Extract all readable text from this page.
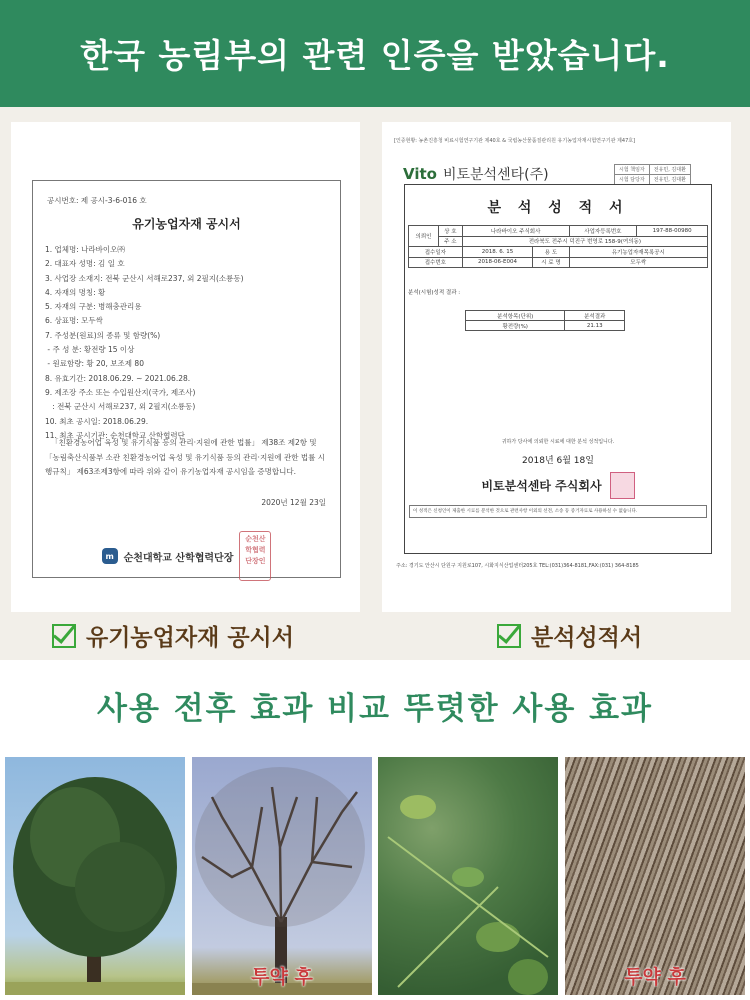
한국 농림부의 관련 인증을 받았습니다.
공시번호: 제 공시-3-6-016 호
유기농업자재 공시서
1. 업체명: 나라바이오㈜
2. 대표자 성명: 김 일 호
3. 사업장 소재지: 전북 군산시 서해로237, 외 2필지(소룡동)
4. 자재의 명칭: 황
5. 자재의 구분: 병해충관리용
6. 상표명: 모두싹
7. 주성분(원료)의 종류 및 함량(%)
- 주 성 분: 황전량 15 이상
- 원료함량: 황 20, 보조제 80
8. 유효기간: 2018.06.29. ~ 2021.06.28.
9. 제조장 주소 또는 수입원산지(국가, 제조사)
: 전북 군산시 서해로237, 외 2필지(소룡동)
10. 최초 공시일: 2018.06.29.
11. 최초 공시기관: 순천대학교 산학협력단
「친환경농어업 육성 및 유기식품 등의 관리·지원에 관한 법률」 제38조 제2항 및 「농림축산식품부 소관 친환경농어업 육성 및 유기식품 등의 관리·지원에 관한 법률 시행규칙」 제63조제3항에 따라 위와 같이 유기농업자재 공시임을 증명합니다.
2020년 12월 23일
m 순천대학교 산학협력단장
순천산
학협력
단장인
[인증현황: 농촌진흥청 비료시험연구기관 제40호 & 국립농산물품질관리원 유기농업자재시험연구기관 제47호]
Vito 비토분석센타(주)	시험 책임자	전유민, 김대환
시험 담당자	전유민, 김대환
분 석 성 적 서
의뢰인	상 호	나라바이오 주식회사		사업자등록번호	197-88-00980
	주 소	전라북도 전주시 덕진구 번영로 158-9(여의동)			
접수일자		2018. 6. 15	용 도	유기농업자재목록공시	
접수번호		2018-06-E004	시 료 명	모두싹	
분석(시험)성적 결과 :
분석항목(단위)	분석결과
황전량(%)	21.13
귀하가 당사에 의뢰한 시료에 대한 분석 성적입니다.
2018년 6월 18일
비토분석센타 주식회사
이 성적은 신청인이 제출한 시료를 분석한 것으로 관련사항 이외의 선전, 소송 등 증거자료로 사용하실 수 없습니다.
주소: 경기도 안산시 단원구 지원로107, 시화지식산업센터205호 TEL:(031)364-8181,FAX:(031) 364-8185
유기농업자재 공시서	분석성적서
사용 전후 효과 비교 뚜렷한 사용 효과
투약 후	투약 후
